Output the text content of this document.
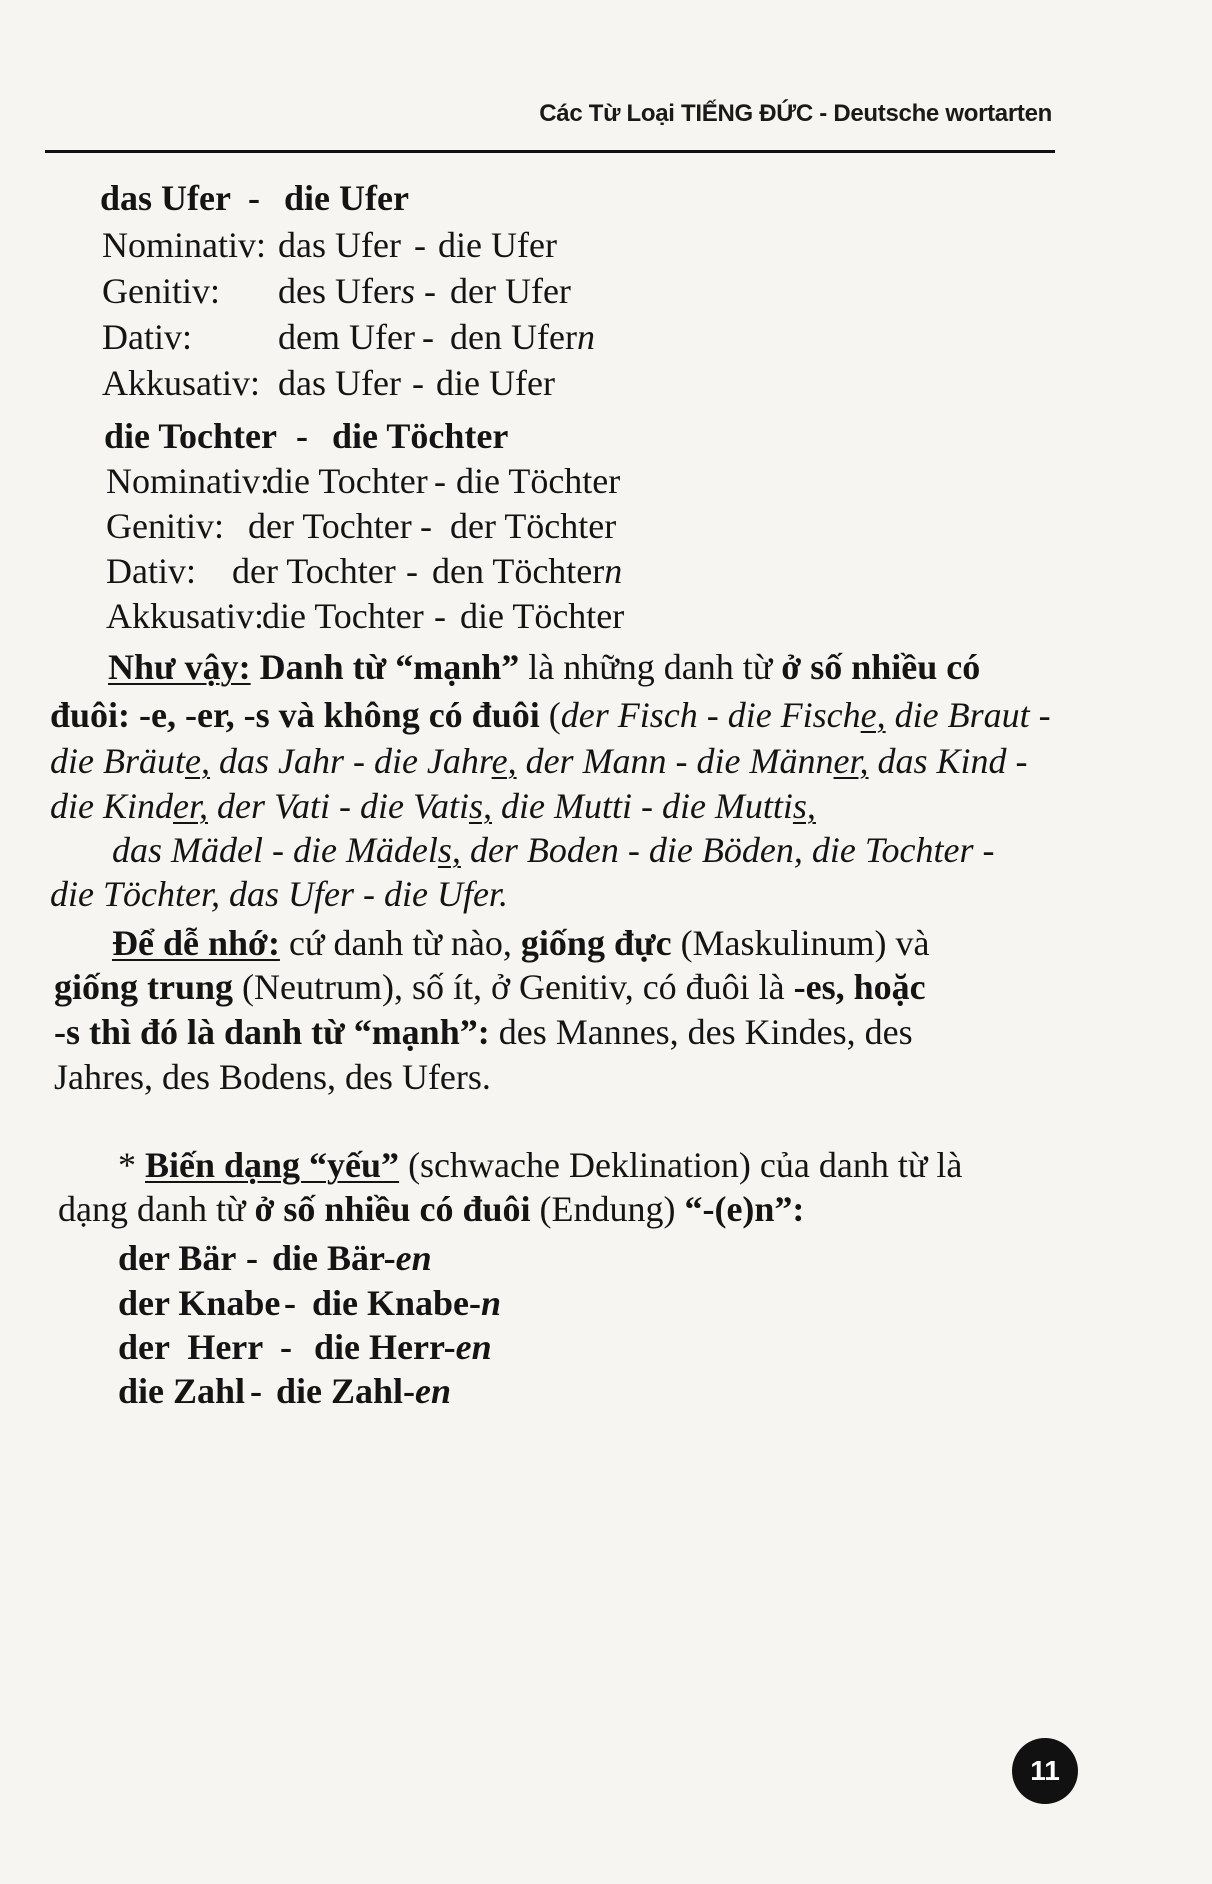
Các Từ Loại TIẾNG ĐỨC - Deutsche wortarten
das Ufer - die Ufer
Nominativ: das Ufer - die Ufer
Genitiv: des Ufers - der Ufer
Dativ: dem Ufer - den Ufern
Akkusativ: das Ufer - die Ufer
die Tochter - die Töchter
Nominativ:
die Tochter - die Töchter
Genitiv: der Tochter - der Töchter
Dativ: der Tochter - den Töchtern
Akkusativ:
die Tochter - die Töchter
Như vậy: Danh từ “mạnh” là những danh từ ở số nhiều có
đuôi: -e, -er, -s và không có đuôi (der Fisch - die Fische, die Braut -
die Bräute, das Jahr - die Jahre, der Mann - die Männer, das Kind -
die Kinder, der Vati - die Vatis, die Mutti - die Muttis,
das Mädel - die Mädels, der Boden - die Böden, die Tochter -
die Töchter, das Ufer - die Ufer.
Để dễ nhớ: cứ danh từ nào, giống đực (Maskulinum) và
giống trung (Neutrum), số ít, ở Genitiv, có đuôi là -es, hoặc
-s thì đó là danh từ “mạnh”: des Mannes, des Kindes, des
Jahres, des Bodens, des Ufers.
* Biến dạng “yếu” (schwache Deklination) của danh từ là
dạng danh từ ở số nhiều có đuôi (Endung) “-(e)n”:
der Bär - die Bär-en
der Knabe - die Knabe-n
der  Herr - die Herr-en
die Zahl - die Zahl-en
11
